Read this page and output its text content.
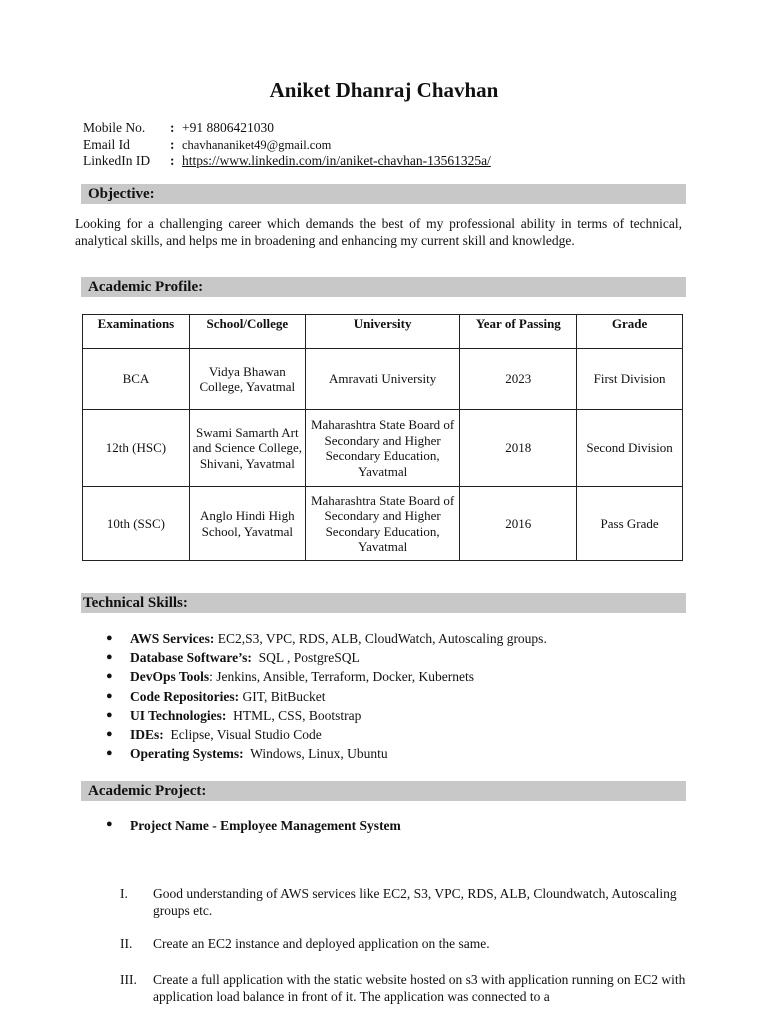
Aniket Dhanraj Chavhan
Mobile No.	: +91 8806421030
Email Id	: chavhananiket49@gmail.com
LinkedIn ID	: https://www.linkedin.com/in/aniket-chavhan-13561325a/
Objective:
Looking for a challenging career which demands the best of my professional ability in terms of technical, analytical skills, and helps me in broadening and enhancing my current skill and knowledge.
Academic Profile:
Examinations	School/College	University	Year of Passing	Grade
BCA	Vidya Bhawan College, Yavatmal	Amravati University	2023	First Division
12th (HSC)	Swami Samarth Art and Science College, Shivani, Yavatmal	Maharashtra State Board of Secondary and Higher Secondary Education, Yavatmal	2018	Second Division
10th (SSC)	Anglo Hindi High School, Yavatmal	Maharashtra State Board of Secondary and Higher Secondary Education, Yavatmal	2016	Pass Grade
Technical Skills:
●	AWS Services: EC2,S3, VPC, RDS, ALB, CloudWatch, Autoscaling groups.
●	Database Software’s: SQL , PostgreSQL
●	DevOps Tools : Jenkins, Ansible, Terraform, Docker, Kubernets
●	Code Repositories: GIT, BitBucket
●	UI Technologies: HTML, CSS, Bootstrap
●	IDEs: Eclipse, Visual Studio Code
●	Operating Systems: Windows, Linux, Ubuntu
Academic Project:
●	Project Name - Employee Management System
I.	Good understanding of AWS services like EC2, S3, VPC, RDS, ALB, Cloundwatch, Autoscaling groups etc.
II.	Create an EC2 instance and deployed application on the same.
III.	Create a full application with the static website hosted on s3 with application running on EC2 with application load balance in front of it. The application was connected to a
